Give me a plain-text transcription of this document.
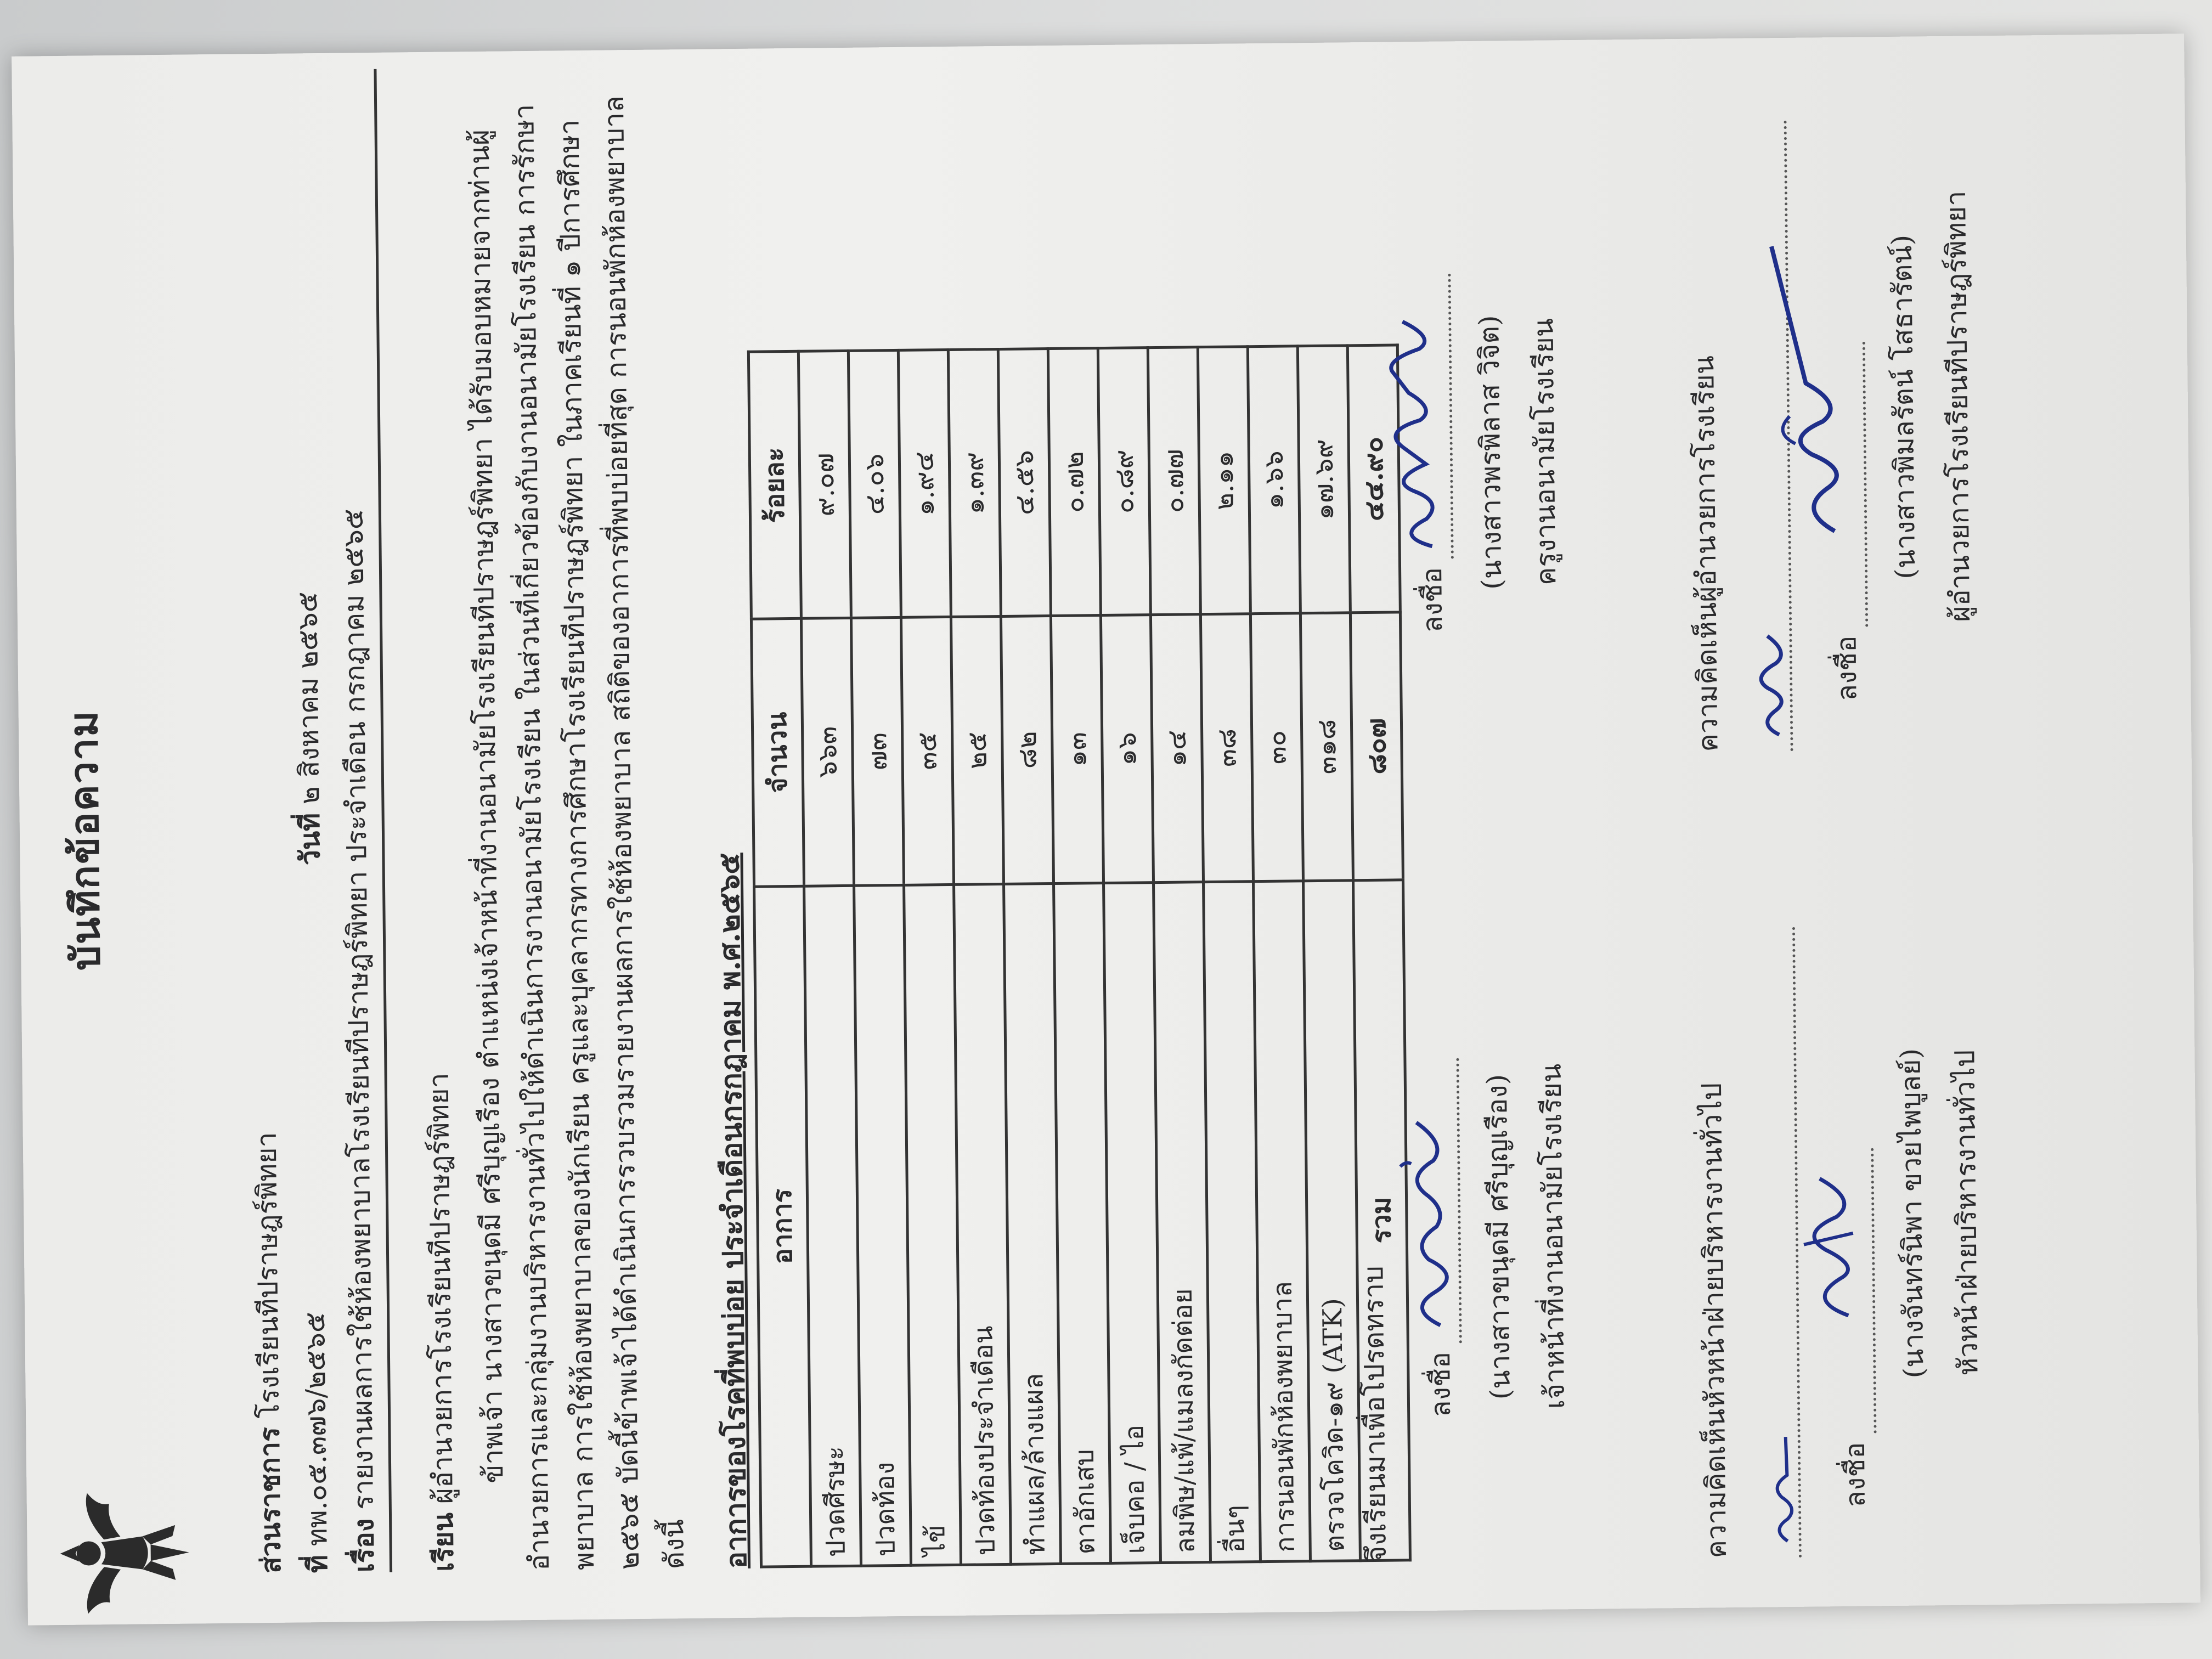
บันทึกข้อความ
ส่วนราชการ โรงเรียนทีปราษฎร์พิทยา
ที่ ทพ.๐๕.๓๗๖/๒๕๖๕
วันที่ ๒ สิงหาคม ๒๕๖๕
เรื่อง รายงานผลการใช้ห้องพยาบาลโรงเรียนทีปราษฎร์พิทยา ประจำเดือน กรกฎาคม ๒๕๖๕
เรียน ผู้อำนวยการโรงเรียนทีปราษฎร์พิทยา ข้าพเจ้า นางสาวขนุดมี ศรีบุญเรือง ตำแหน่งเจ้าหน้าที่งานอนามัยโรงเรียนทีปราษฎร์พิทยา ได้รับมอบหมายจากท่านผู้อำนวยการและกลุ่มงานบริหารงานทั่วไปให้ดำเนินการงานอนามัยโรงเรียน ในส่วนที่เกี่ยวข้องกับงานอนามัยโรงเรียน การรักษาพยาบาล การใช้ห้องพยาบาลของนักเรียน ครูและบุคลากรทางการศึกษาโรงเรียนทีปราษฎร์พิทยา ในภาคเรียนที่ ๑ ปีการศึกษา ๒๕๖๕ บัดนี้ข้าพเจ้าได้ดำเนินการรวบรวมรายงานผลการใช้ห้องพยาบาล สถิติของอาการที่พบบ่อยที่สุด การนอนพักห้องพยาบาล ดังนี้ อาการของโรคที่พบบ่อย ประจำเดือนกรกฎาคม พ.ศ.๒๕๖๕ อาการ	จำนวน	ร้อยละ
ปวดศีรษะ	๖๖๓	๙.๐๗
ปวดท้อง	๗๓	๔.๐๖
ไข้	๓๕	๑.๙๔
ปวดท้องประจำเดือน	๒๕	๑.๓๙
ทำแผล/ล้างแผล	๘๒	๔.๕๖
ตาอักเสบ	๑๓	๐.๗๒
เจ็บคอ / ไอ	๑๖	๐.๘๙
ลมพิษ/แพ้/แมลงกัดต่อย	๑๔	๐.๗๗
อื่นๆ	๓๘	๒.๑๑
การนอนพักห้องพยาบาล	๓๐	๑.๖๖
ตรวจโควิด-๑๙ (ATK)	๓๑๘	๑๗.๖๙
รวม	๘๐๗	๔๔.๙๐
จึงเรียนมาเพื่อโปรดทราบ	ลงชื่อ (นางสาวขนุดมี ศรีบุญเรือง) เจ้าหน้าที่งานอนามัยโรงเรียน
ลงชื่อ
(นางสาวพรพิลาส วิจิต) ครูงานอนามัยโรงเรียน
ความคิดเห็นหัวหน้าฝ่ายบริหารงานทั่วไป	ลงชื่อ
(นางจันทร์นิพา ขวยไพบูลย์) หัวหน้าฝ่ายบริหารงานทั่วไป
ความคิดเห็นผู้อำนวยการโรงเรียน	ลงชื่อ
(นางสาวพิมลรัตน์ โสธารัตน์) ผู้อำนวยการโรงเรียนทีปราษฎร์พิทยา
